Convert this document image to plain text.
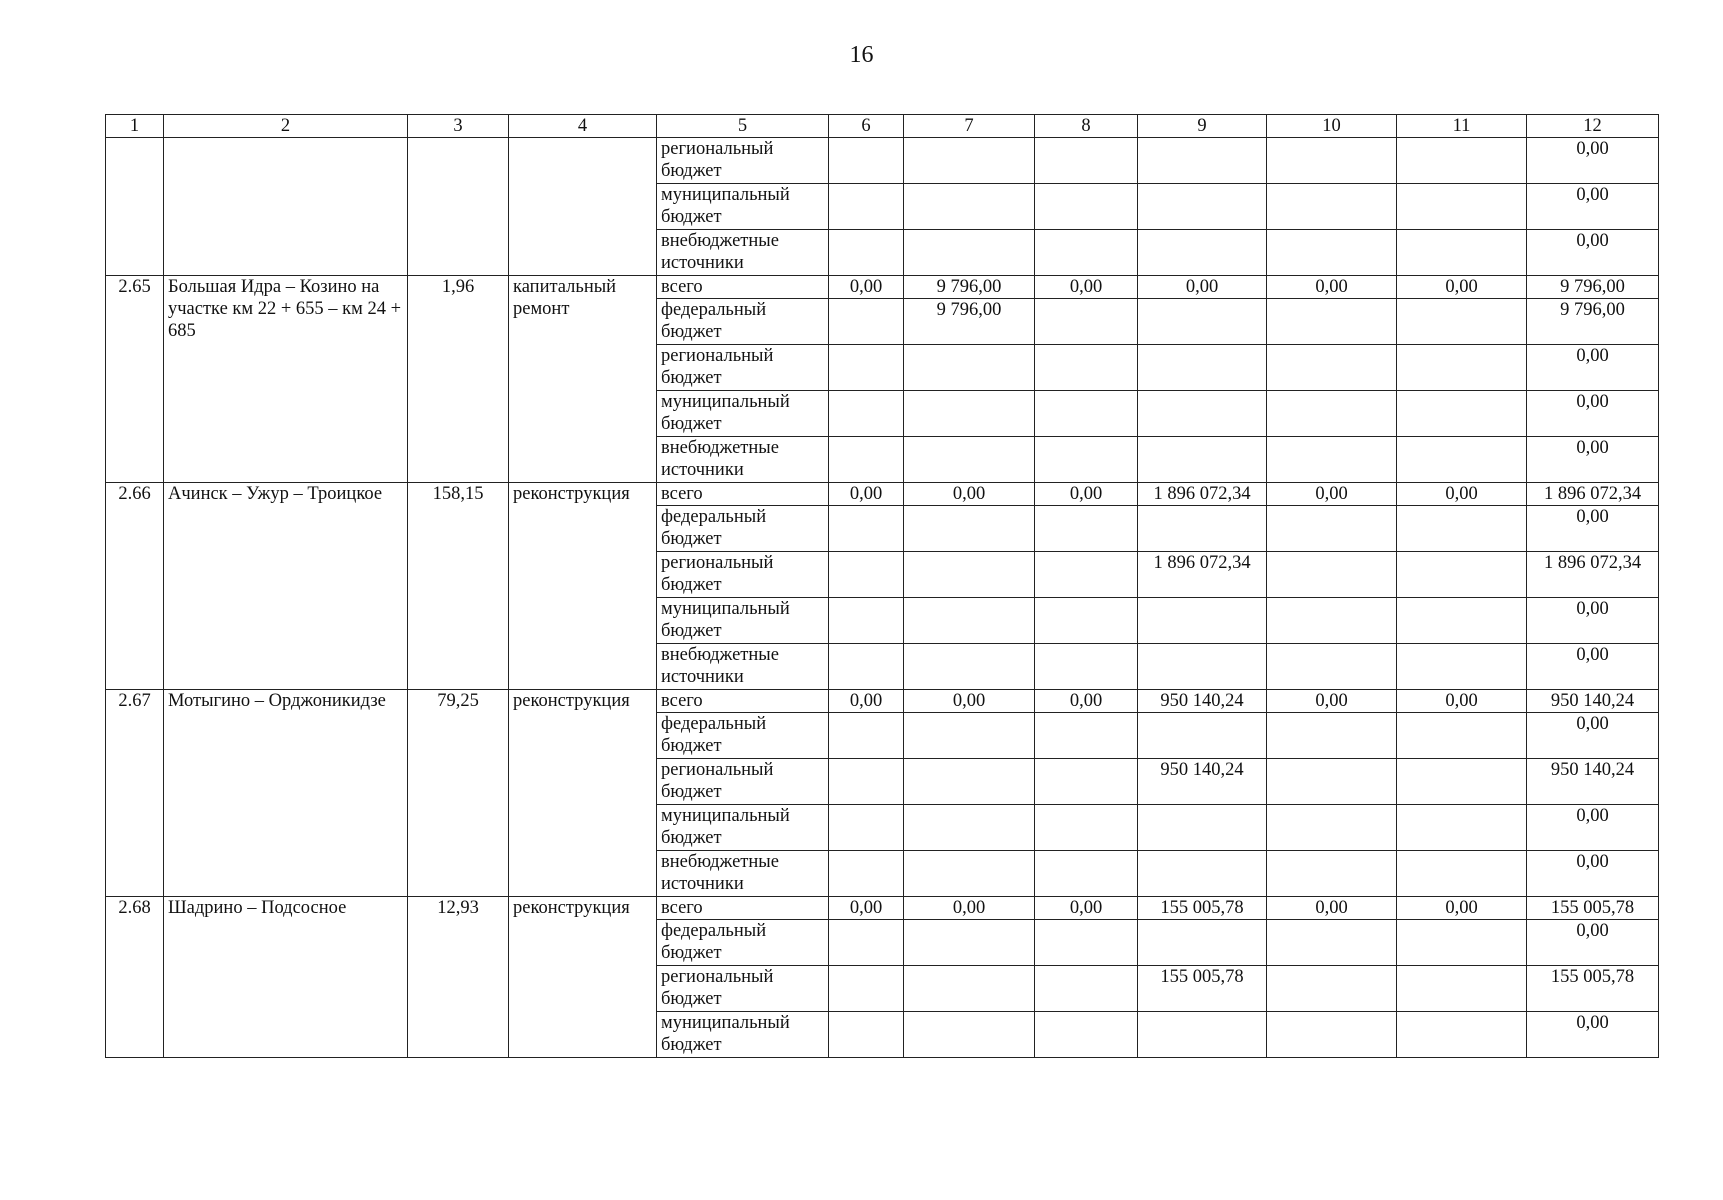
16
1	2	3	4	5	6	7	8	9	10	11	12
				региональный бюджет							0,00
				муниципальный бюджет							0,00
				внебюджетные источники							0,00
2.65	Большая Идра – Козино на участке км 22 + 655 – км 24 + 685	1,96	капитальный ремонт	всего	0,00	9 796,00	0,00	0,00	0,00	0,00	9 796,00
				федеральный бюджет		9 796,00					9 796,00
				региональный бюджет							0,00
				муниципальный бюджет							0,00
				внебюджетные источники							0,00
2.66	Ачинск – Ужур – Троицкое	158,15	реконструкция	всего	0,00	0,00	0,00	1 896 072,34	0,00	0,00	1 896 072,34
				федеральный бюджет							0,00
				региональный бюджет				1 896 072,34			1 896 072,34
				муниципальный бюджет							0,00
				внебюджетные источники							0,00
2.67	Мотыгино – Орджоникидзе	79,25	реконструкция	всего	0,00	0,00	0,00	950 140,24	0,00	0,00	950 140,24
				федеральный бюджет							0,00
				региональный бюджет				950 140,24			950 140,24
				муниципальный бюджет							0,00
				внебюджетные источники							0,00
2.68	Шадрино – Подсосное	12,93	реконструкция	всего	0,00	0,00	0,00	155 005,78	0,00	0,00	155 005,78
				федеральный бюджет							0,00
				региональный бюджет				155 005,78			155 005,78
				муниципальный бюджет							0,00
